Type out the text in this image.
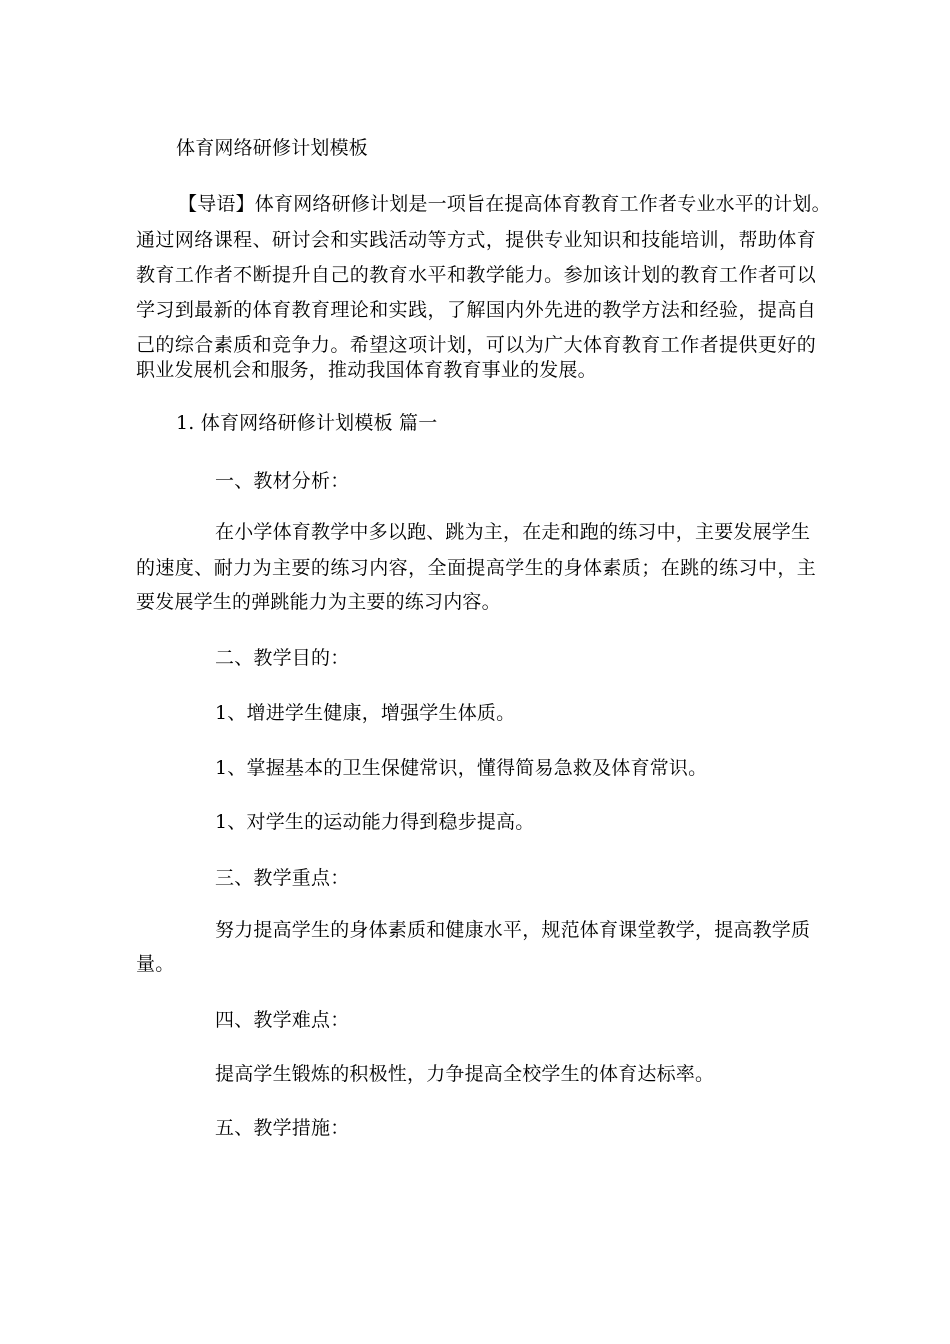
体育网络研修计划模板
【导语】体育网络研修计划是一项旨在提高体育教育工作者专业水平的计划。
通过网络课程、研讨会和实践活动等方式，提供专业知识和技能培训，帮助体育
教育工作者不断提升自己的教育水平和教学能力。参加该计划的教育工作者可以
学习到最新的体育教育理论和实践，了解国内外先进的教学方法和经验，提高自
己的综合素质和竞争力。希望这项计划，可以为广大体育教育工作者提供更好的
职业发展机会和服务，推动我国体育教育事业的发展。
1. 体育网络研修计划模板 篇一
一、教材分析：
在小学体育教学中多以跑、跳为主，在走和跑的练习中，主要发展学生
的速度、耐力为主要的练习内容，全面提高学生的身体素质；在跳的练习中，主
要发展学生的弹跳能力为主要的练习内容。
二、教学目的：
1、增进学生健康，增强学生体质。
1、掌握基本的卫生保健常识，懂得简易急救及体育常识。
1、对学生的运动能力得到稳步提高。
三、教学重点：
努力提高学生的身体素质和健康水平，规范体育课堂教学，提高教学质
量。
四、教学难点：
提高学生锻炼的积极性，力争提高全校学生的体育达标率。
五、教学措施：
